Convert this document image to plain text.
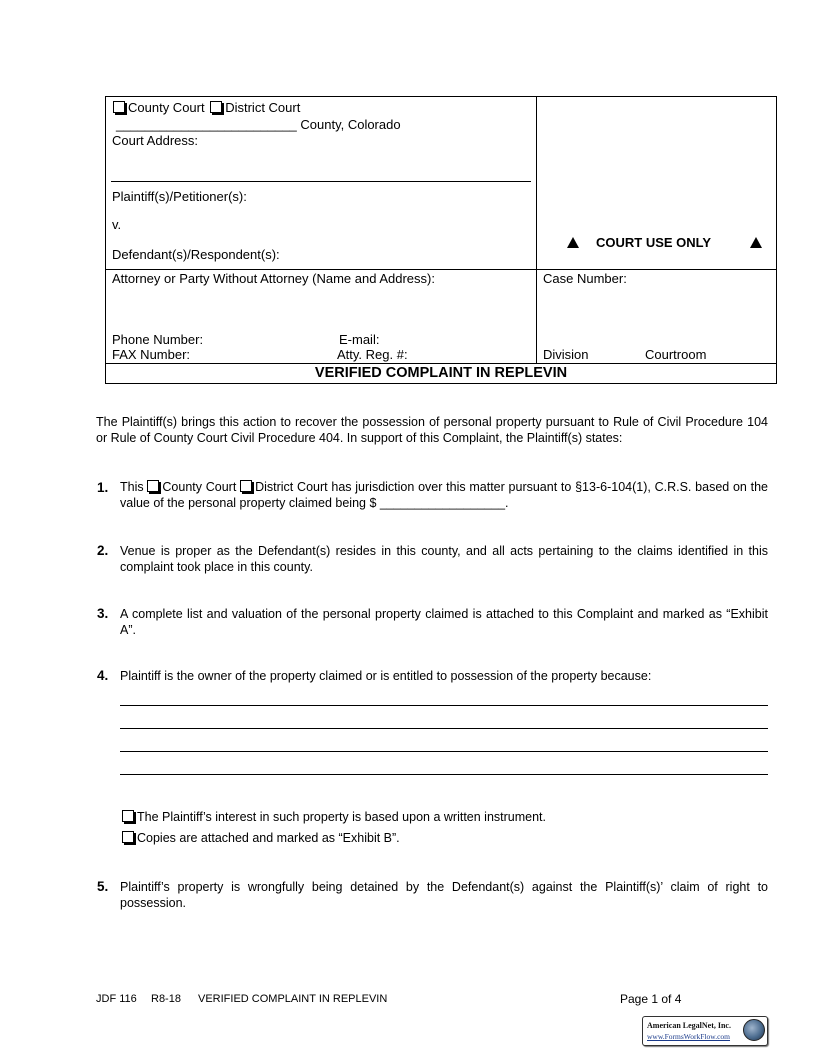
County Court District Court
_________________________ County, Colorado
Court Address:
Plaintiff(s)/Petitioner(s):
v.
Defendant(s)/Respondent(s):
COURT USE ONLY
Attorney or Party Without Attorney (Name and Address):
Phone Number:	E-mail:
FAX Number:	Atty. Reg. #:
Case Number:
Division	Courtroom
VERIFIED COMPLAINT IN REPLEVIN
The Plaintiff(s) brings this action to recover the possession of personal property pursuant to Rule of Civil Procedure 104 or Rule of County Court Civil Procedure 404. In support of this Complaint, the Plaintiff(s) states:
1. This County Court District Court has jurisdiction over this matter pursuant to §13-6-104(1), C.R.S. based on the value of the personal property claimed being $ __________________.
2. Venue is proper as the Defendant(s) resides in this county, and all acts pertaining to the claims identified in this complaint took place in this county.
3. A complete list and valuation of the personal property claimed is attached to this Complaint and marked as “Exhibit A”.
4. Plaintiff is the owner of the property claimed or is entitled to possession of the property because:
The Plaintiff’s interest in such property is based upon a written instrument.
Copies are attached and marked as “Exhibit B”.
5. Plaintiff’s property is wrongfully being detained by the Defendant(s) against the Plaintiff(s)’ claim of right to possession.
JDF 116 R8-18 VERIFIED COMPLAINT IN REPLEVIN	Page 1 of 4
American LegalNet, Inc.
www.FormsWorkFlow.com
